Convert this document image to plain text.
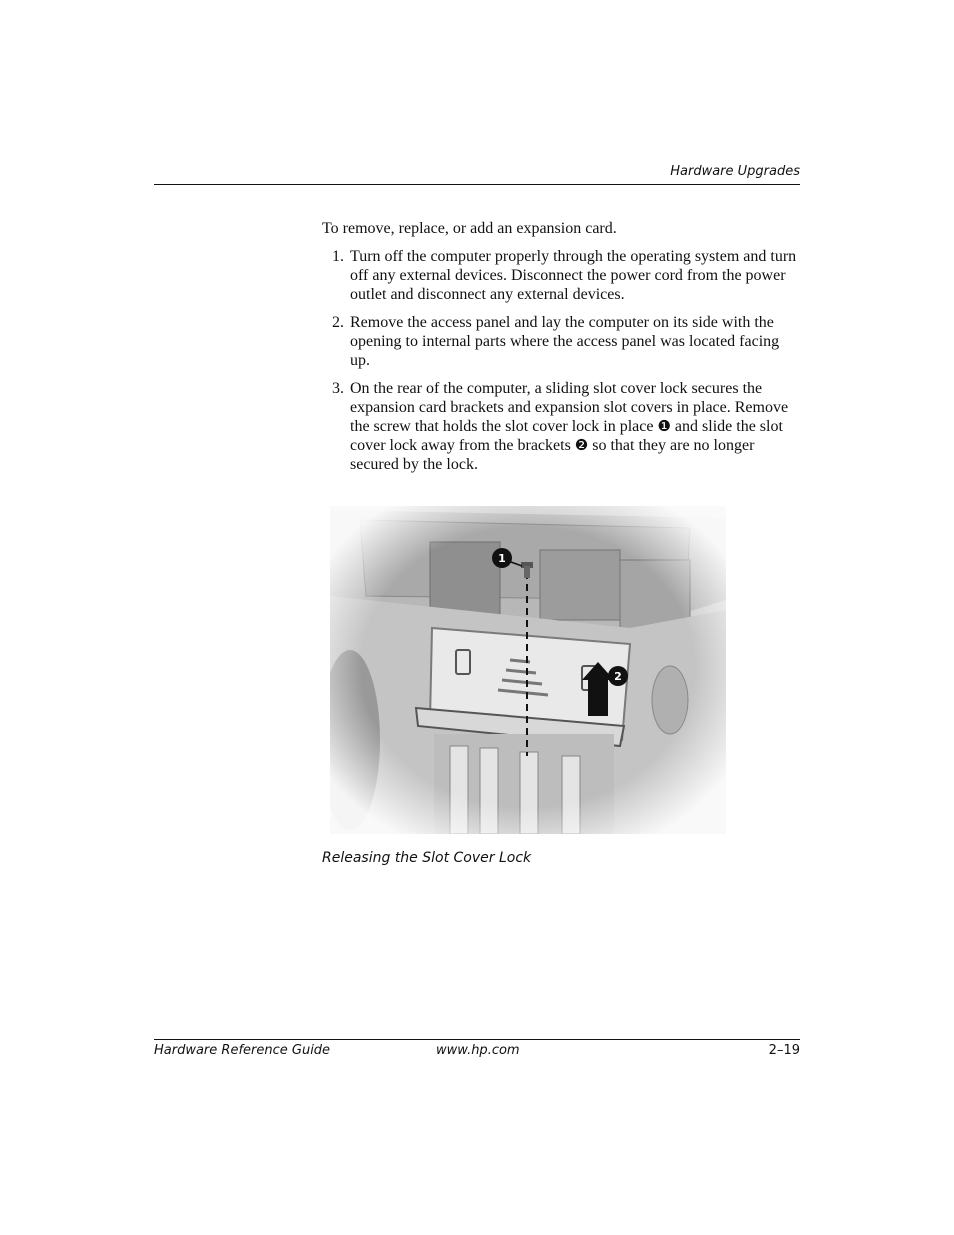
Hardware Upgrades

To remove, replace, or add an expansion card.

1. Turn off the computer properly through the operating system and turn off any external devices. Disconnect the power cord from the power outlet and disconnect any external devices.
2. Remove the access panel and lay the computer on its side with the opening to internal parts where the access panel was located facing up.
3. On the rear of the computer, a sliding slot cover lock secures the expansion card brackets and expansion slot covers in place. Remove the screw that holds the slot cover lock in place ❶ and slide the slot cover lock away from the brackets ❷ so that they are no longer secured by the lock.
1
2
Releasing the Slot Cover Lock
Hardware Reference Guide	www.hp.com	2–19
